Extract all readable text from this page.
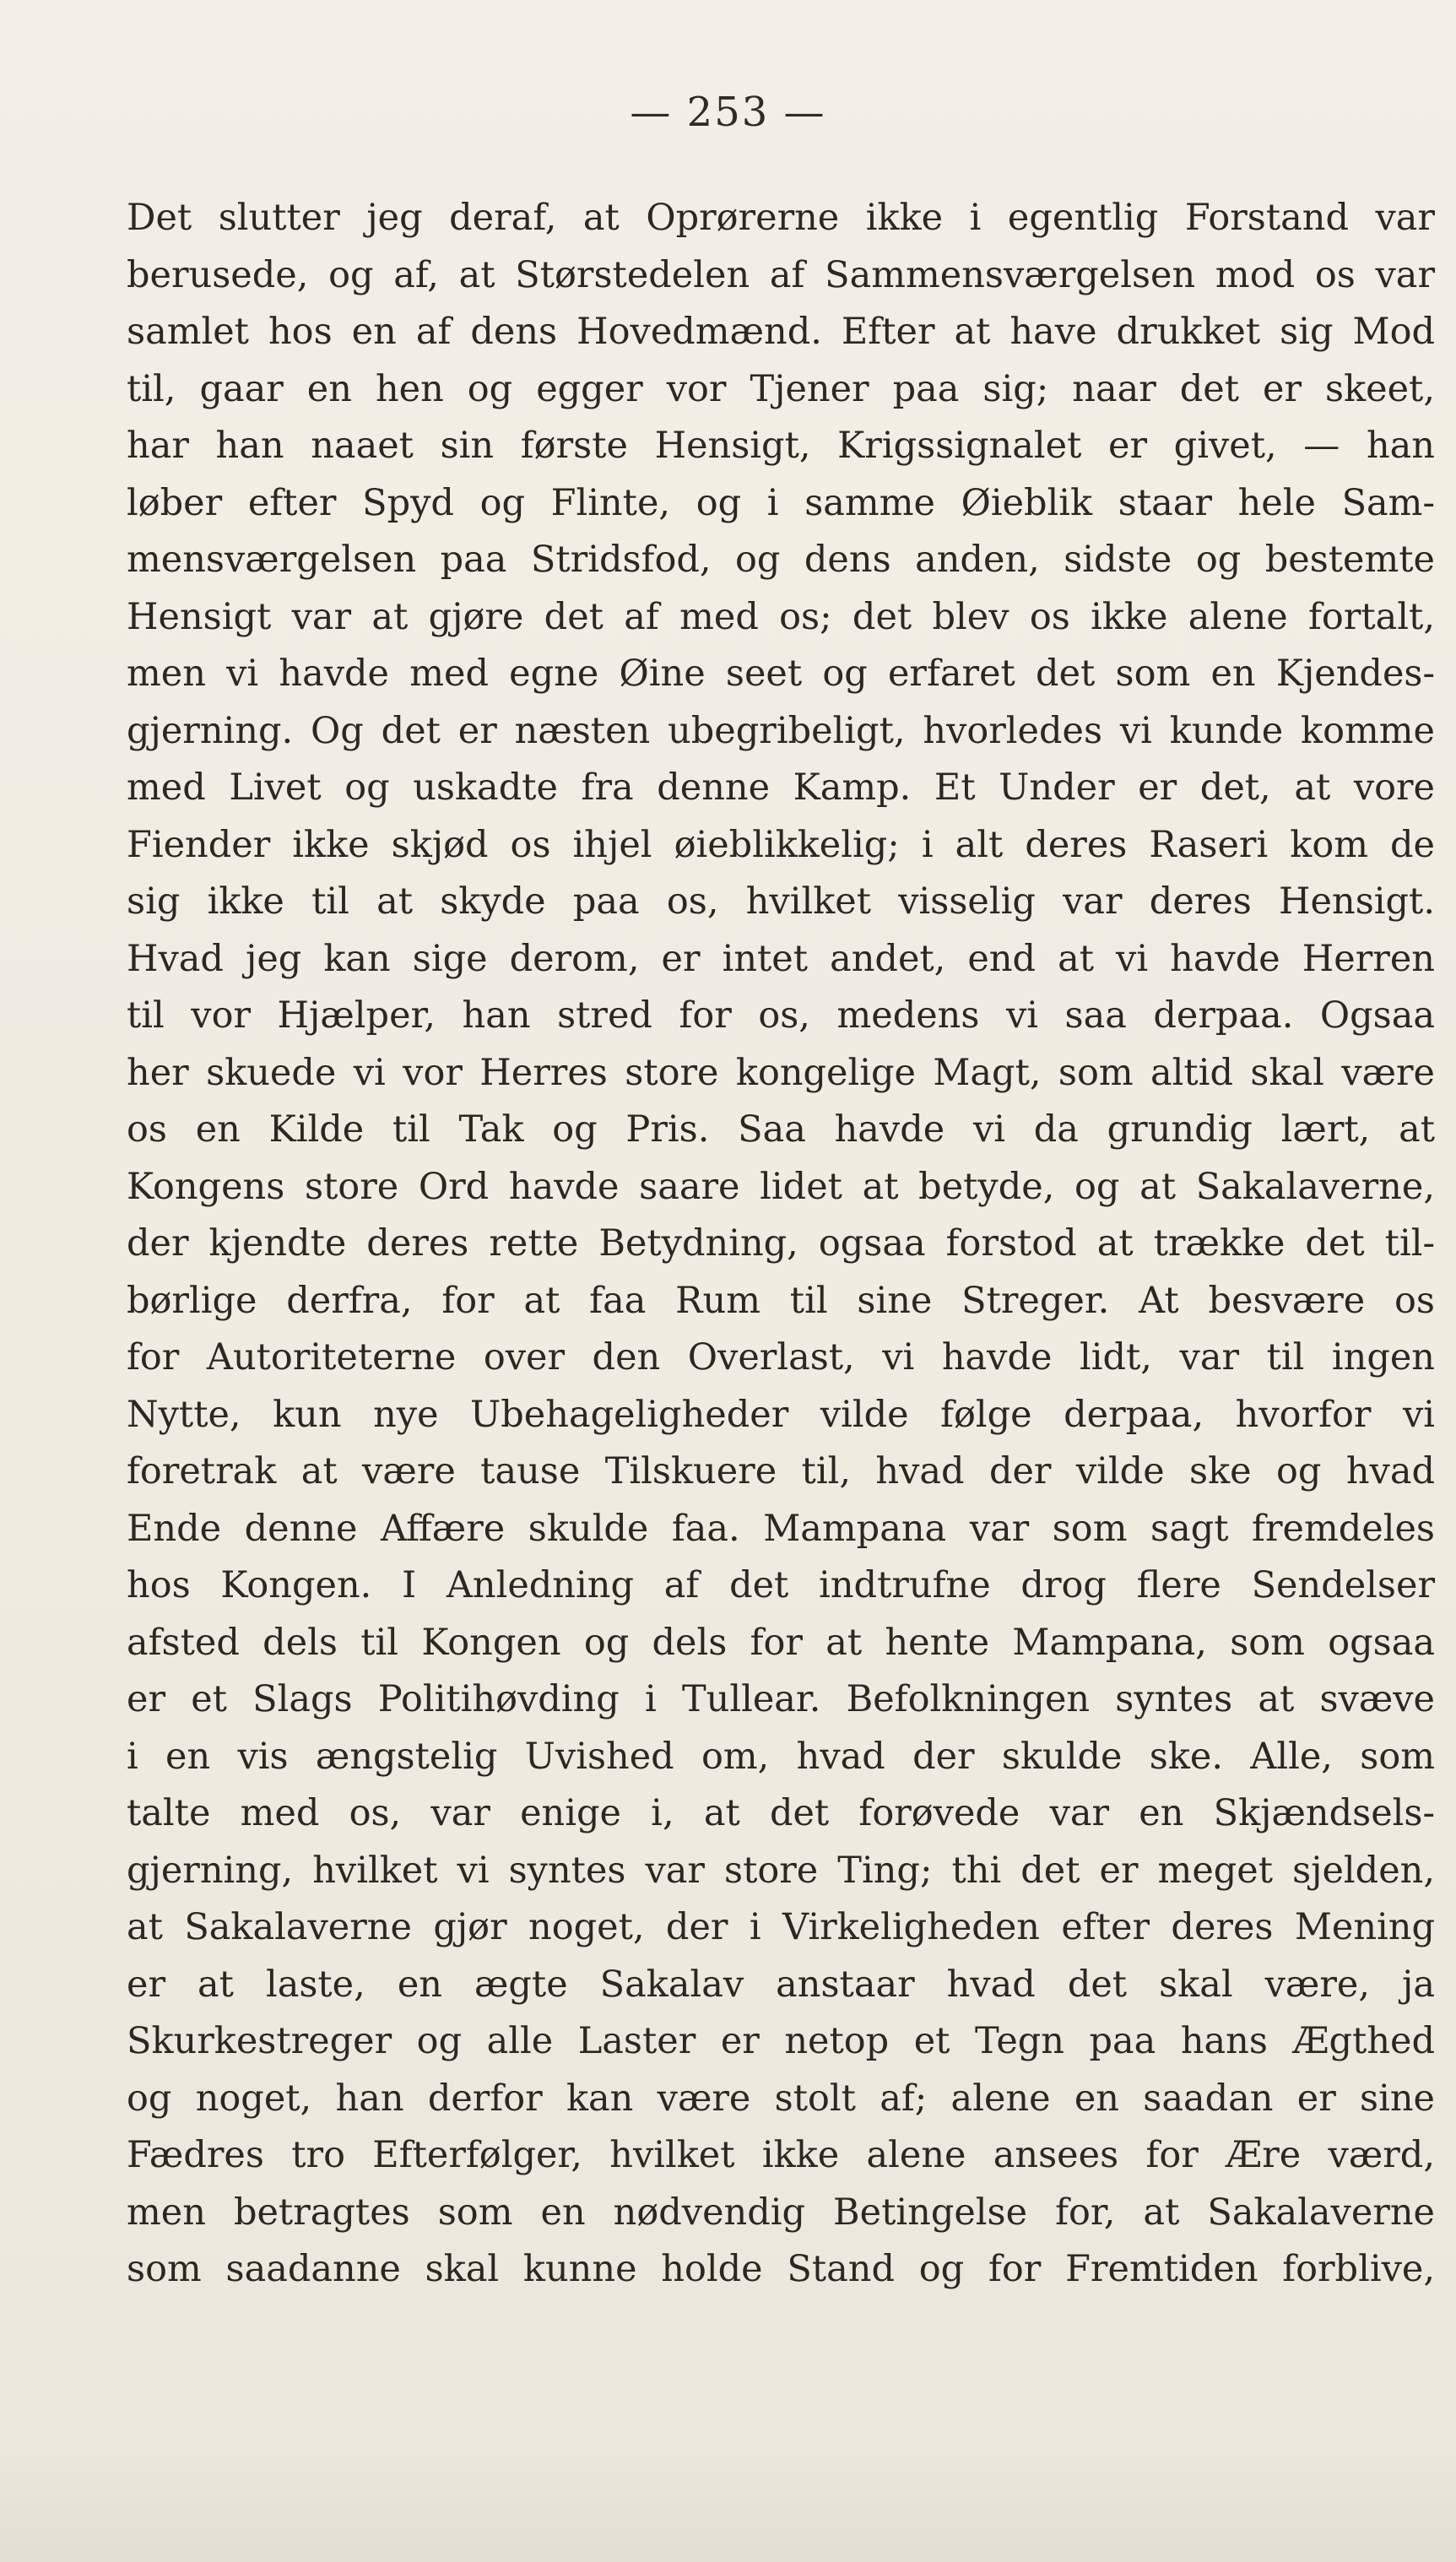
— 253 —
Det slutter jeg deraf, at Oprørerne ikke i egentlig Forstand var
berusede, og af, at Størstedelen af Sammensværgelsen mod os var
samlet hos en af dens Hovedmænd. Efter at have drukket sig Mod
til, gaar en hen og egger vor Tjener paa sig; naar det er skeet,
har han naaet sin første Hensigt, Krigssignalet er givet, — han
løber efter Spyd og Flinte, og i samme Øieblik staar hele Sam-
mensværgelsen paa Stridsfod, og dens anden, sidste og bestemte
Hensigt var at gjøre det af med os; det blev os ikke alene fortalt,
men vi havde med egne Øine seet og erfaret det som en Kjendes-
gjerning. Og det er næsten ubegribeligt, hvorledes vi kunde komme
med Livet og uskadte fra denne Kamp. Et Under er det, at vore
Fiender ikke skjød os ihjel øieblikkelig; i alt deres Raseri kom de
sig ikke til at skyde paa os, hvilket visselig var deres Hensigt.
Hvad jeg kan sige derom, er intet andet, end at vi havde Herren
til vor Hjælper, han stred for os, medens vi saa derpaa. Ogsaa
her skuede vi vor Herres store kongelige Magt, som altid skal være
os en Kilde til Tak og Pris. Saa havde vi da grundig lært, at
Kongens store Ord havde saare lidet at betyde, og at Sakalaverne,
der kjendte deres rette Betydning, ogsaa forstod at trække det til-
børlige derfra, for at faa Rum til sine Streger. At besvære os
for Autoriteterne over den Overlast, vi havde lidt, var til ingen
Nytte, kun nye Ubehageligheder vilde følge derpaa, hvorfor vi
foretrak at være tause Tilskuere til, hvad der vilde ske og hvad
Ende denne Affære skulde faa. Mampana var som sagt fremdeles
hos Kongen. I Anledning af det indtrufne drog flere Sendelser
afsted dels til Kongen og dels for at hente Mampana, som ogsaa
er et Slags Politihøvding i Tullear. Befolkningen syntes at svæve
i en vis ængstelig Uvished om, hvad der skulde ske. Alle, som
talte med os, var enige i, at det forøvede var en Skjændsels-
gjerning, hvilket vi syntes var store Ting; thi det er meget sjelden,
at Sakalaverne gjør noget, der i Virkeligheden efter deres Mening
er at laste, en ægte Sakalav anstaar hvad det skal være, ja
Skurkestreger og alle Laster er netop et Tegn paa hans Ægthed
og noget, han derfor kan være stolt af; alene en saadan er sine
Fædres tro Efterfølger, hvilket ikke alene ansees for Ære værd,
men betragtes som en nødvendig Betingelse for, at Sakalaverne
som saadanne skal kunne holde Stand og for Fremtiden forblive,
